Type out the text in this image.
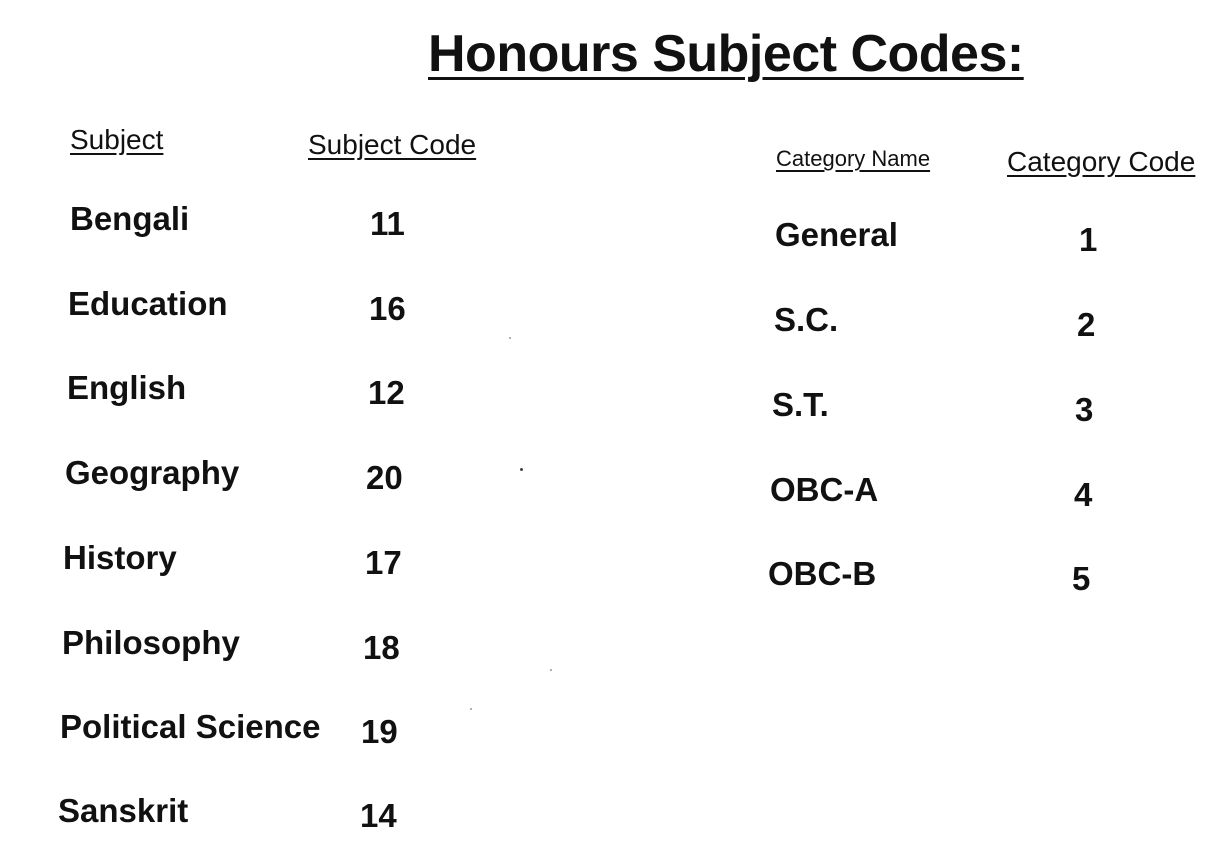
Honours Subject Codes:
Subject	Subject Code
Bengali	11
Education	16
English	12
Geography	20
History	17
Philosophy	18
Political Science 19
Sanskrit	14
Category Name	Category Code
General	1
S.C.	2
S.T.	3
OBC-A	4
OBC-B	5
